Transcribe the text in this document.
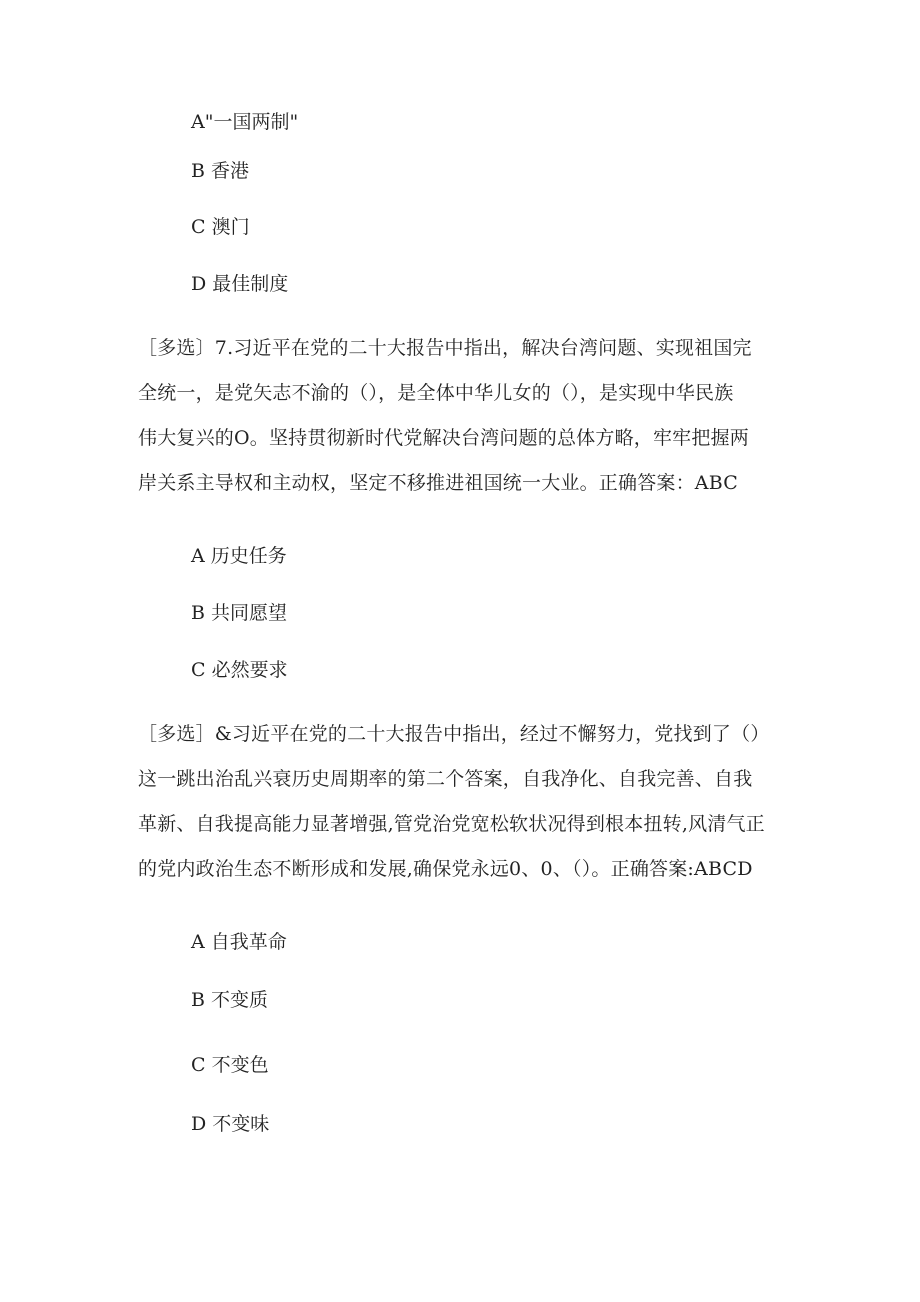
A"一国两制"
B 香港
C 澳门
D 最佳制度
［多选〕7.习近平在党的二十大报告中指出，解决台湾问题、实现祖国完
全统一，是党矢志不渝的（），是全体中华儿女的（），是实现中华民族
伟大复兴的O。坚持贯彻新时代党解决台湾问题的总体方略，牢牢把握两
岸关系主导权和主动权，坚定不移推进祖国统一大业。正确答案：ABC
A 历史任务
B 共同愿望
C 必然要求
［多选］&习近平在党的二十大报告中指出，经过不懈努力，党找到了（）
这一跳出治乱兴衰历史周期率的第二个答案，自我净化、自我完善、自我
革新、自我提高能力显著增强,管党治党宽松软状况得到根本扭转,风清气正
的党内政治生态不断形成和发展,确保党永远0、0、（）。正确答案:ABCD
A 自我革命
B 不变质
C 不变色
D 不变味
